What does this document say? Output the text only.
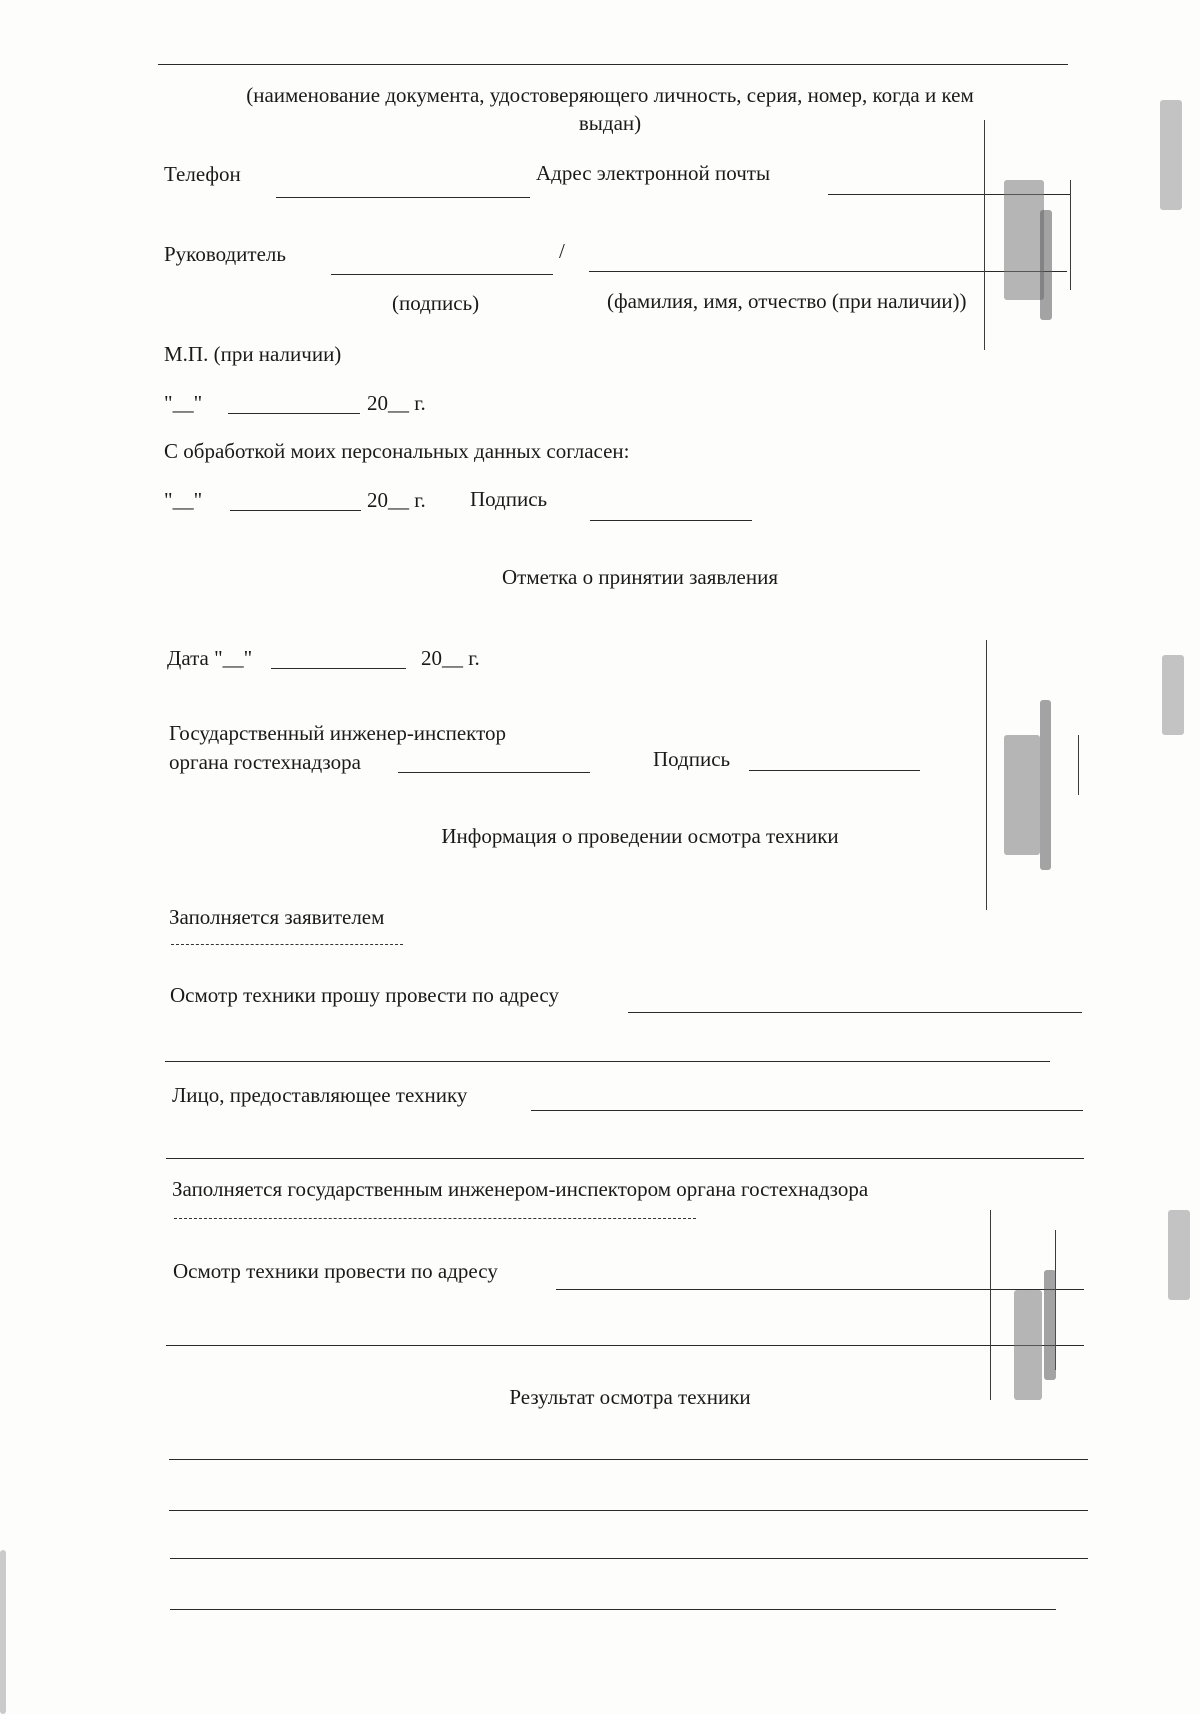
(наименование документа, удостоверяющего личность, серия, номер, когда и кем
выдан)
Телефон	Адрес электронной почты
Руководитель	/
(подпись)	(фамилия, имя, отчество (при наличии))
М.П. (при наличии)
"__"	20__ г.
С обработкой моих персональных данных согласен:
"__"	20__ г. Подпись
Отметка о принятии заявления
Дата "__"	20__ г.
Государственный инженер-инспектор
органа гостехнадзора	Подпись
Информация о проведении осмотра техники
Заполняется заявителем
Осмотр техники прошу провести по адресу
Лицо, предоставляющее технику
Заполняется государственным инженером-инспектором органа гостехнадзора
Осмотр техники провести по адресу
Результат осмотра техники
